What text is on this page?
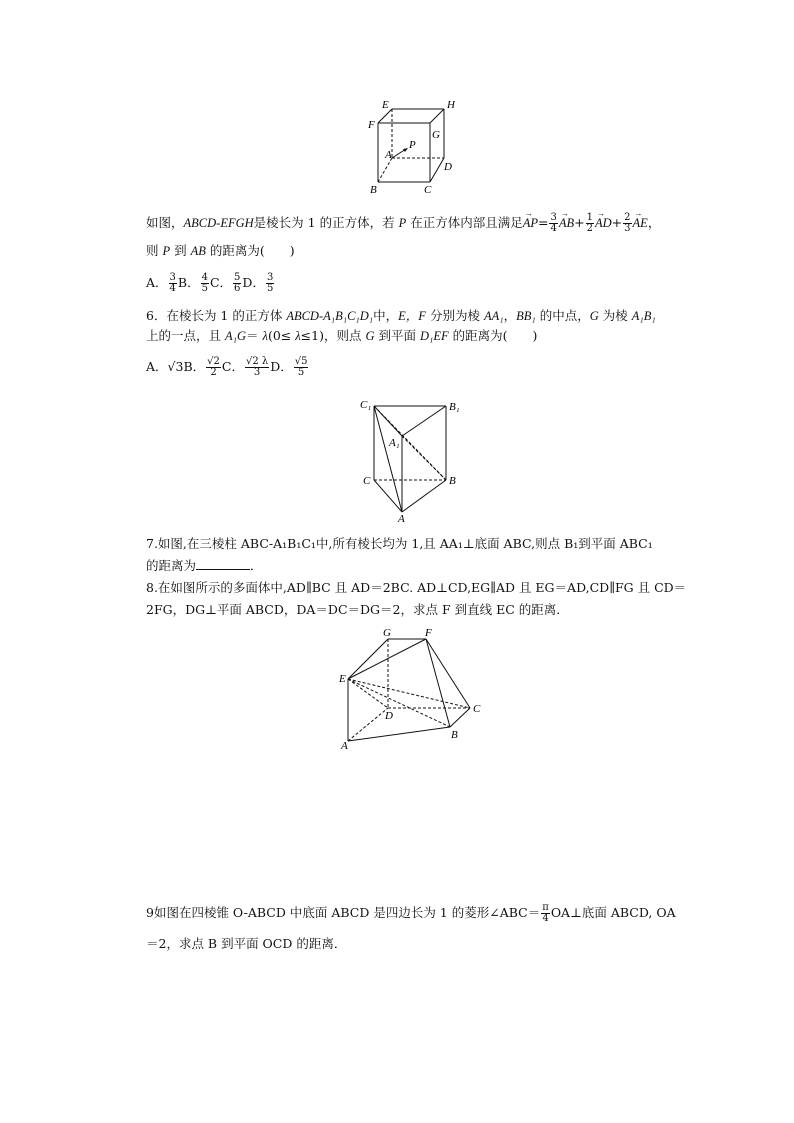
E	H
F
G
A
P
D
B	C
如图，ABCD-EFGH是棱长为 1 的正方体，若 P 在正方体内部且满足→ $AP= \frac{3}{4}$
→ $AB+ \frac{1}{2}$
→ $AD+ \frac{2}{3}$
→ AE，
则 P 到 AB 的距离为(　　)
A． $\frac{3}{4}$ B． $\frac{4}{5}$ C． $\frac{5}{6}$ D． $\frac{3}{5}$
6．在棱长为 1 的正方体 ABCD-A₁B₁C₁D₁中，E，F 分别为棱 AA₁，BB₁ 的中点，G 为棱 A₁B₁
上的一点，且 A₁G＝ λ(0≤ λ≤1)，则点 G 到平面 D₁EF 的距离为(　　)
A．√3B． $\frac{√2}{2}$ C． $\frac{√2 \lambda}{3}$ D． $\frac{√5}{5}$
C₁	B₁
A₁
C	B
A
7.如图,在三棱柱 ABC-A₁B₁C₁中,所有棱长均为 1,且 AA₁⊥底面 ABC,则点 B₁到平面 ABC₁
的距离为	．
8.在如图所示的多面体中,AD∥BC 且 AD＝2BC. AD⊥CD,EG∥AD 且 EG＝AD,CD∥FG 且 CD＝
2FG，DG⊥平面 ABCD，DA＝DC＝DG＝2，求点 F 到直线 EC 的距离．
G	F
E
D
C
A
B
9如图在四棱锥 O-ABCD 中底面 ABCD 是四边长为 1 的菱形∠ABC＝ $\frac{\pi}{4}$ OA⊥底面 ABCD, OA
＝2，求点 B 到平面 OCD 的距离．
